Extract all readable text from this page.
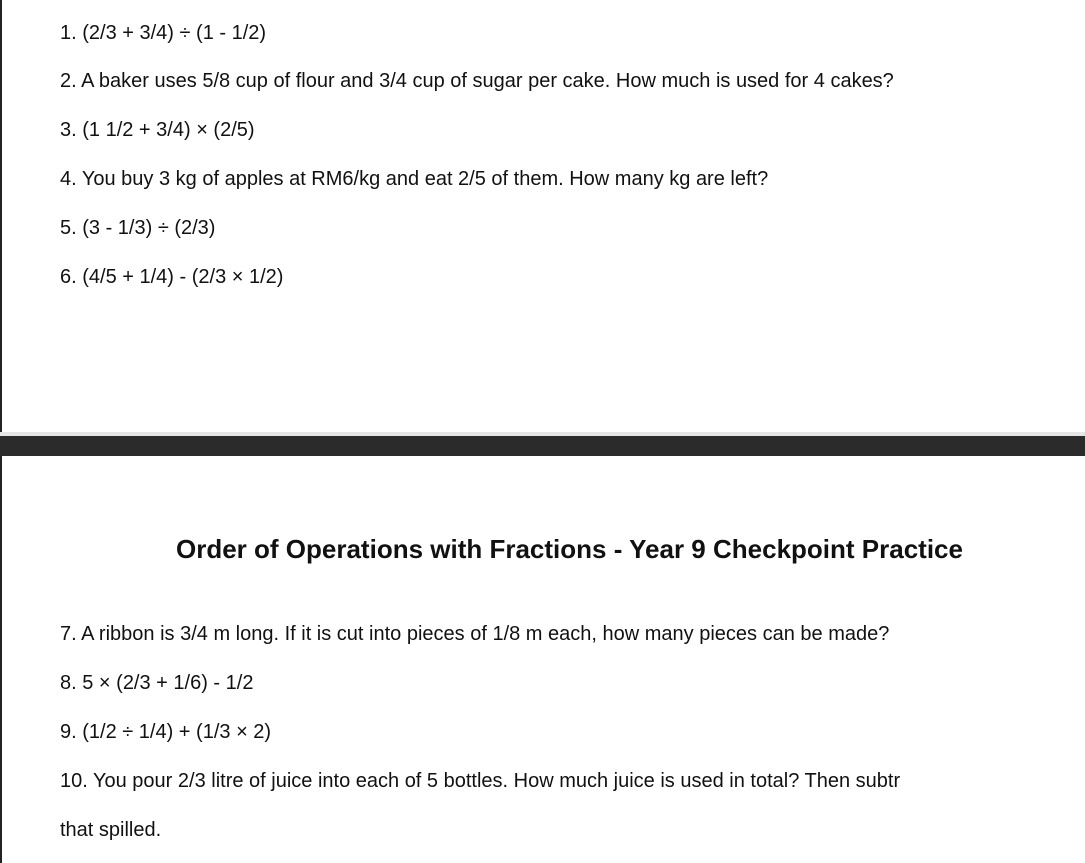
1. (2/3 + 3/4) ÷ (1 - 1/2)

2. A baker uses 5/8 cup of flour and 3/4 cup of sugar per cake. How much is used for 4 cakes?

3. (1 1/2 + 3/4) × (2/5)

4. You buy 3 kg of apples at RM6/kg and eat 2/5 of them. How many kg are left?

5. (3 - 1/3) ÷ (2/3)

6. (4/5 + 1/4) - (2/3 × 1/2)

Order of Operations with Fractions - Year 9 Checkpoint Practice

7. A ribbon is 3/4 m long. If it is cut into pieces of 1/8 m each, how many pieces can be made?

8. 5 × (2/3 + 1/6) - 1/2

9. (1/2 ÷ 1/4) + (1/3 × 2)

10. You pour 2/3 litre of juice into each of 5 bottles. How much juice is used in total? Then subtr

that spilled.
